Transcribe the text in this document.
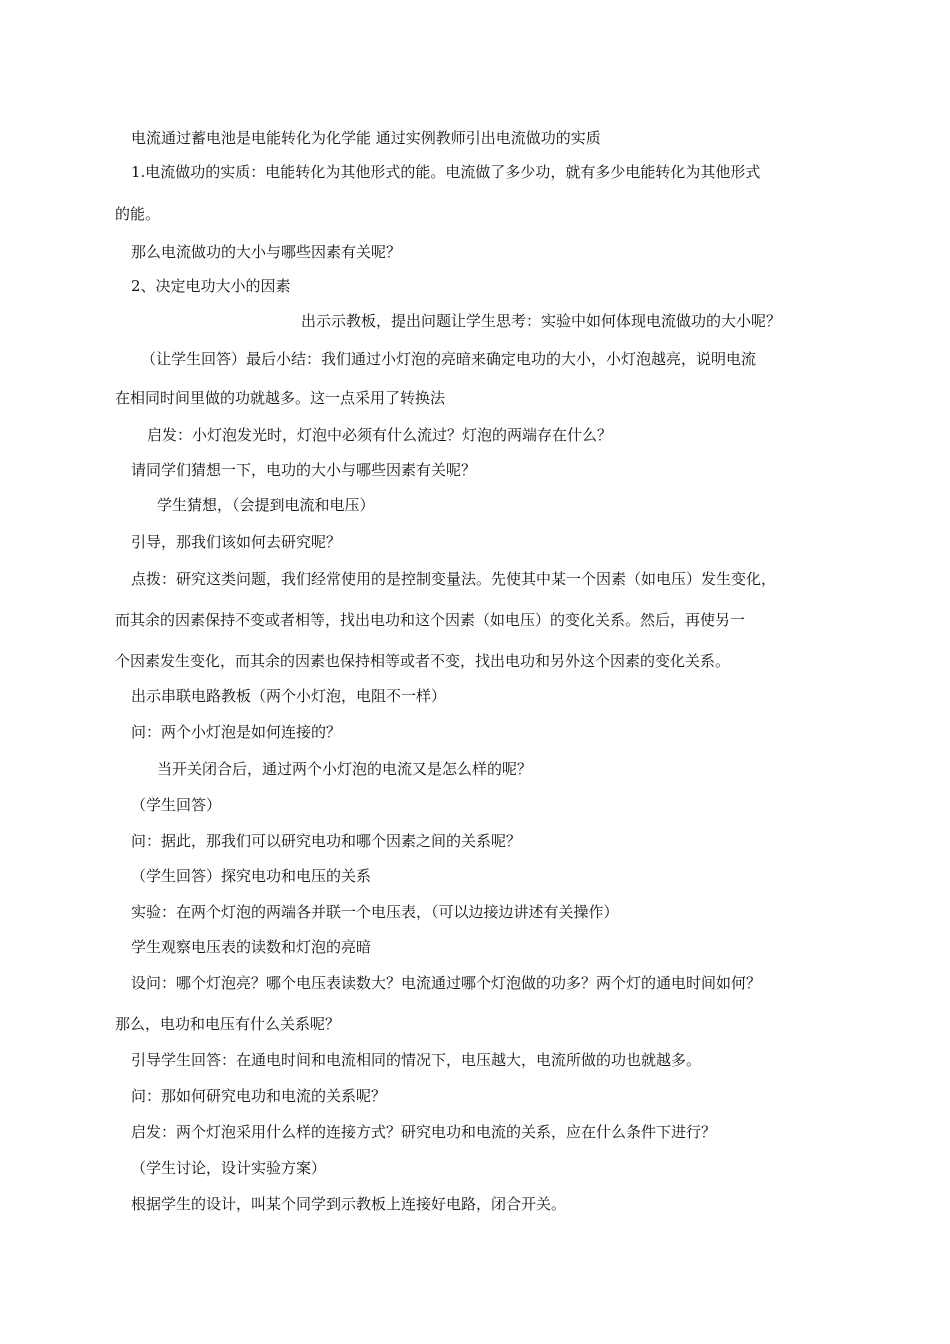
电流通过蓄电池是电能转化为化学能 通过实例教师引出电流做功的实质
1.电流做功的实质：电能转化为其他形式的能。电流做了多少功，就有多少电能转化为其他形式
的能。
那么电流做功的大小与哪些因素有关呢？
2、决定电功大小的因素
出示示教板，提出问题让学生思考：实验中如何体现电流做功的大小呢？
（让学生回答）最后小结：我们通过小灯泡的亮暗来确定电功的大小，小灯泡越亮，说明电流
在相同时间里做的功就越多。这一点采用了转换法
启发：小灯泡发光时，灯泡中必须有什么流过？灯泡的两端存在什么？
请同学们猜想一下，电功的大小与哪些因素有关呢？
学生猜想，（会提到电流和电压）
引导，那我们该如何去研究呢？
点拨：研究这类问题，我们经常使用的是控制变量法。先使其中某一个因素（如电压）发生变化，
而其余的因素保持不变或者相等，找出电功和这个因素（如电压）的变化关系。然后，再使另一
个因素发生变化，而其余的因素也保持相等或者不变，找出电功和另外这个因素的变化关系。
出示串联电路教板（两个小灯泡，电阻不一样）
问：两个小灯泡是如何连接的？
当开关闭合后，通过两个小灯泡的电流又是怎么样的呢？
（学生回答）
问：据此，那我们可以研究电功和哪个因素之间的关系呢？
（学生回答）探究电功和电压的关系
实验：在两个灯泡的两端各并联一个电压表，（可以边接边讲述有关操作）
学生观察电压表的读数和灯泡的亮暗
设问：哪个灯泡亮？哪个电压表读数大？电流通过哪个灯泡做的功多？两个灯的通电时间如何？
那么，电功和电压有什么关系呢？
引导学生回答：在通电时间和电流相同的情况下，电压越大，电流所做的功也就越多。
问：那如何研究电功和电流的关系呢？
启发：两个灯泡采用什么样的连接方式？研究电功和电流的关系，应在什么条件下进行？
（学生讨论，设计实验方案）
根据学生的设计，叫某个同学到示教板上连接好电路，闭合开关。
